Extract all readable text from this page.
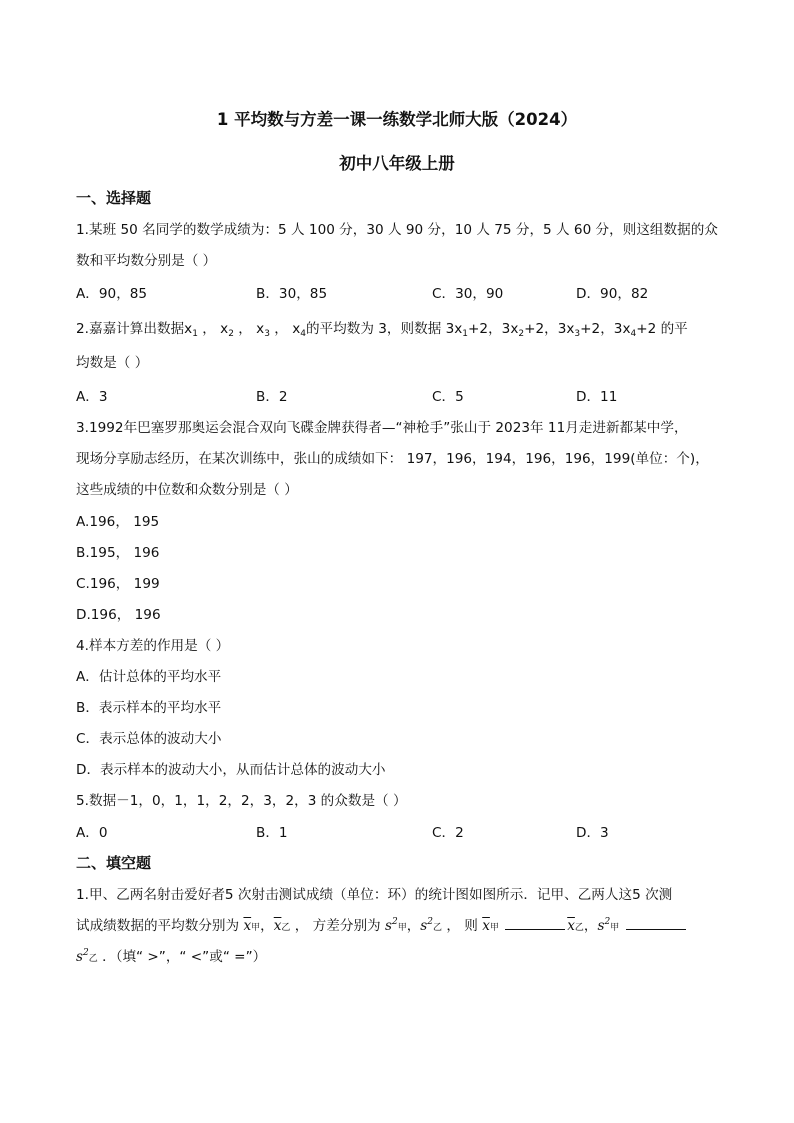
1 平均数与方差一课一练数学北师大版（2024）
初中八年级上册
一、选择题
1.某班 50 名同学的数学成绩为：5 人 100 分，30 人 90 分，10 人 75 分，5 人 60 分，则这组数据的众
数和平均数分别是（ ）
A．90，85	B．30，85	C．30，90	D．90，82
2.嘉嘉计算出数据$x_1$ ， $x_2$ ， $x_3$ ， $x_4$的平均数为 3，则数据 $3x_1+2$，$3x_2+2$，$3x_3+2$，$3x_4+2$ 的平
均数是（ ）
A．3	B．2	C．5	D．11
3.1992年巴塞罗那奥运会混合双向飞碟金牌获得者—“神枪手”张山于 2023年 11月走进新都某中学，
现场分享励志经历，在某次训练中，张山的成绩如下： 197，196，194，196，196，199(单位：个)，
这些成绩的中位数和众数分别是（ ）
A.196， 195
B.195， 196
C.196， 199
D.196， 196
4.样本方差的作用是（ ）
A．估计总体的平均水平
B．表示样本的平均水平
C．表示总体的波动大小
D．表示样本的波动大小，从而估计总体的波动大小
5.数据－1，0，1，1，2，2，3，2，3 的众数是（ ）
A．0	B．1	C．2	D．3
二、填空题
1.甲、乙两名射击爱好者5 次射击测试成绩（单位：环）的统计图如图所示．记甲、乙两人这5 次测
试成绩数据的平均数分别为 $\overline{x}$甲，$\overline{x}$乙 ， 方差分别为 $s^2$甲，$s^2$乙 ， 则 $\overline{x}$甲	$\overline{x}$乙，$s^2$甲
$s^2$乙 ．（填“ >”，“ <”或“ =”）
